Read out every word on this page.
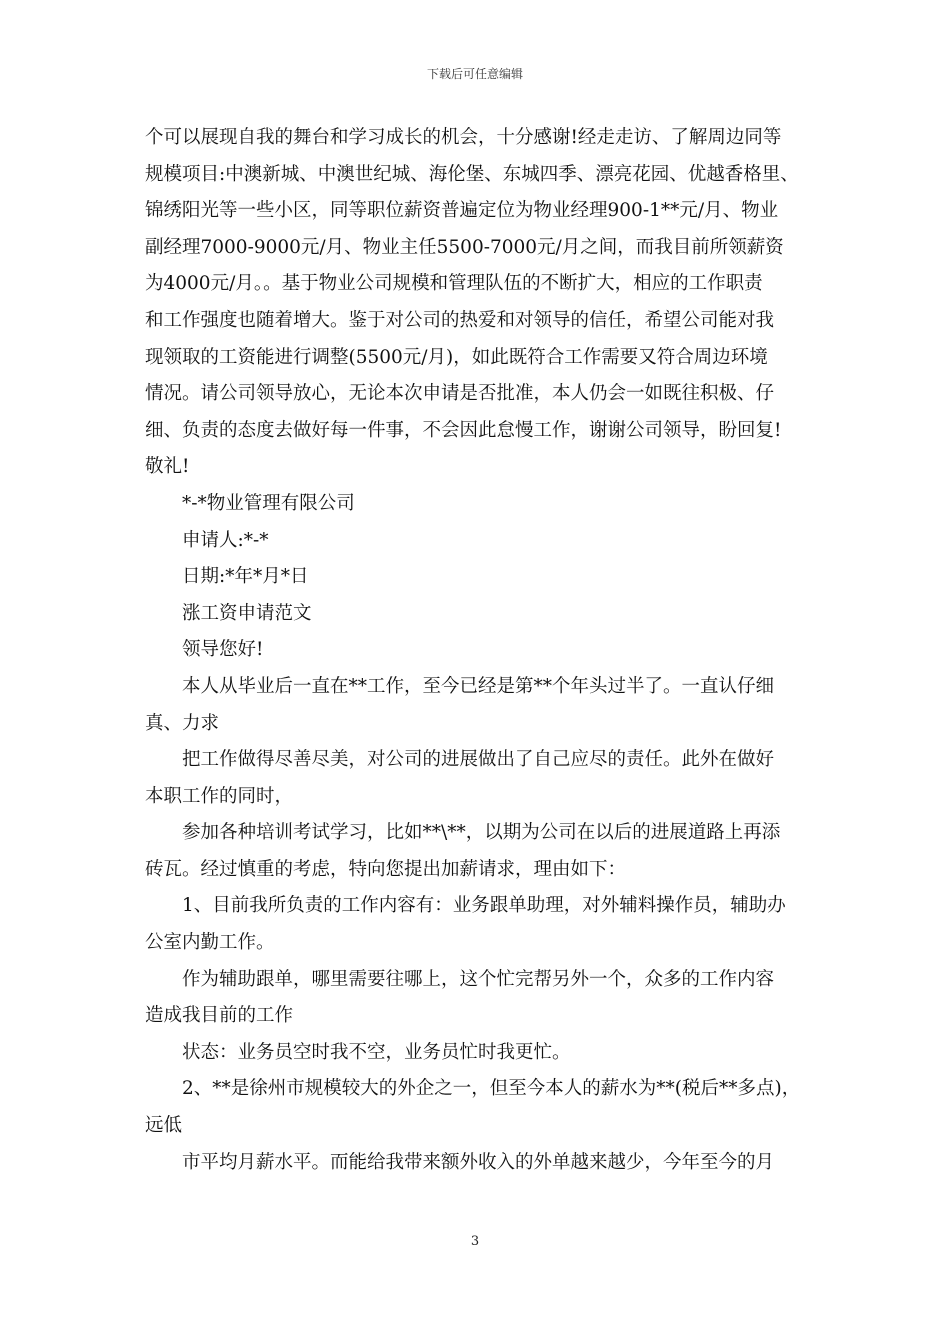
下载后可任意编辑
个可以展现自我的舞台和学习成长的机会，十分感谢!经走走访、了解周边同等
规模项目:中澳新城、中澳世纪城、海伦堡、东城四季、漂亮花园、优越香格里、
锦绣阳光等一些小区，同等职位薪资普遍定位为物业经理900-1**元/月、物业
副经理7000-9000元/月、物业主任5500-7000元/月之间，而我目前所领薪资
为4000元/月。。基于物业公司规模和管理队伍的不断扩大，相应的工作职责
和工作强度也随着增大。鉴于对公司的热爱和对领导的信任，希望公司能对我
现领取的工资能进行调整(5500元/月)，如此既符合工作需要又符合周边环境
情况。请公司领导放心，无论本次申请是否批准，本人仍会一如既往积极、仔
细、负责的态度去做好每一件事，不会因此怠慢工作，谢谢公司领导，盼回复!
敬礼!
*-*物业管理有限公司
申请人:*-*
日期:*年*月*日
涨工资申请范文
领导您好!
本人从毕业后一直在**工作，至今已经是第**个年头过半了。一直认仔细
真、力求
把工作做得尽善尽美，对公司的进展做出了自己应尽的责任。此外在做好
本职工作的同时，
参加各种培训考试学习，比如**\**，以期为公司在以后的进展道路上再添
砖瓦。经过慎重的考虑，特向您提出加薪请求，理由如下：
1、目前我所负责的工作内容有：业务跟单助理，对外辅料操作员，辅助办
公室内勤工作。
作为辅助跟单，哪里需要往哪上，这个忙完帮另外一个，众多的工作内容
造成我目前的工作
状态：业务员空时我不空，业务员忙时我更忙。
2、**是徐州市规模较大的外企之一，但至今本人的薪水为**(税后**多点)，
远低
市平均月薪水平。而能给我带来额外收入的外单越来越少，今年至今的月
3
